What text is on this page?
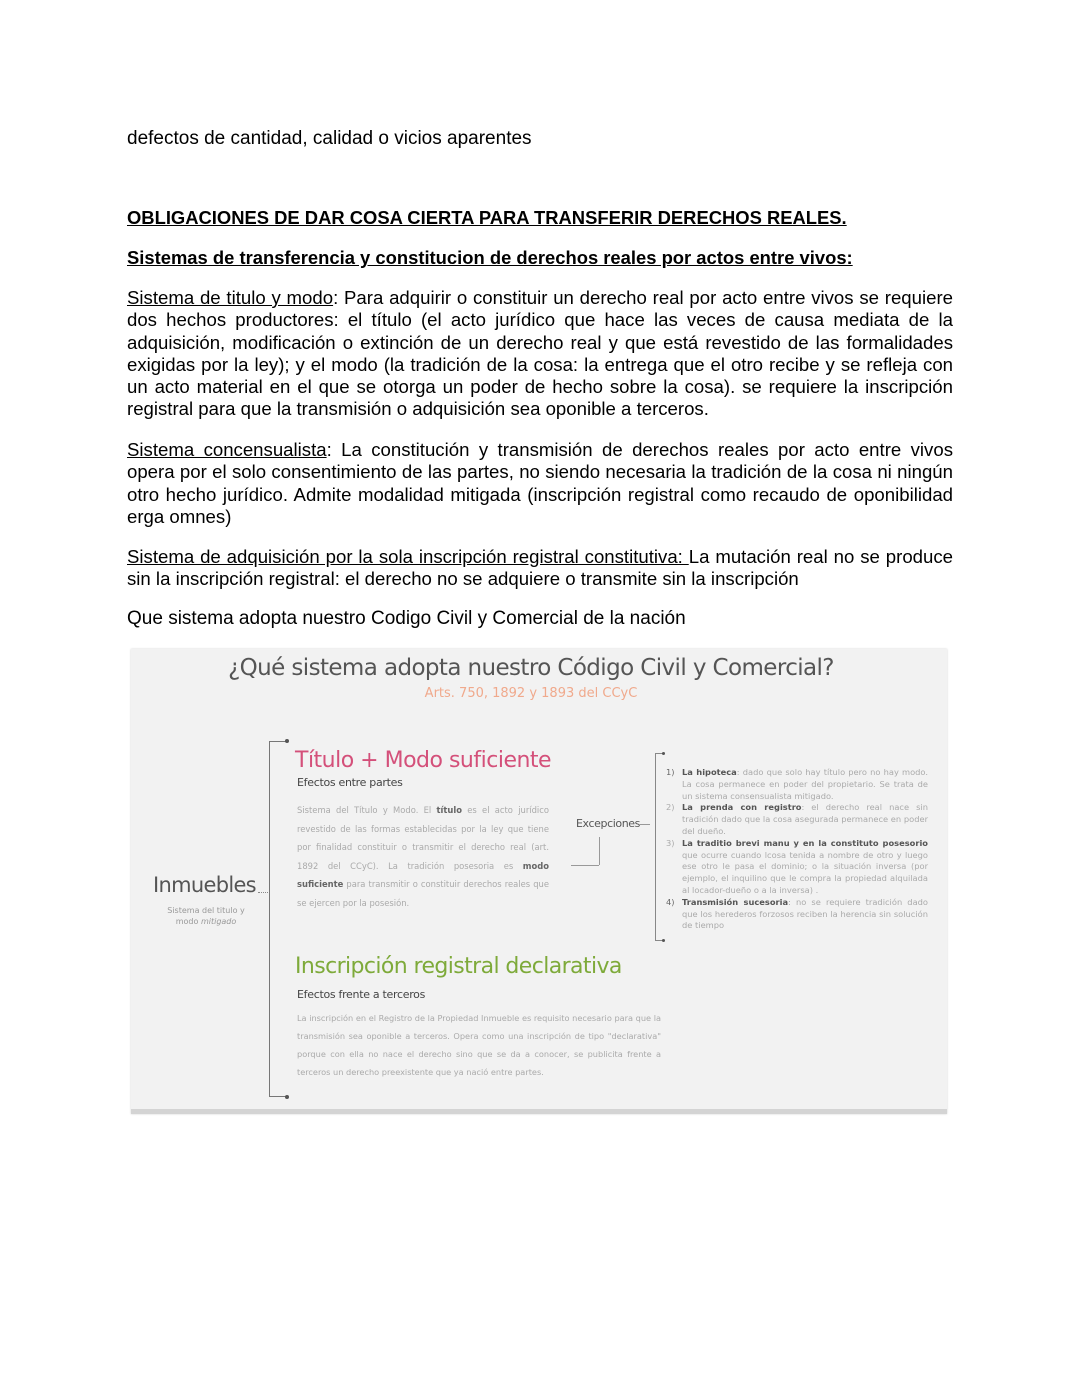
defectos de cantidad, calidad o vicios aparentes
OBLIGACIONES DE DAR COSA CIERTA PARA TRANSFERIR DERECHOS REALES.
Sistemas de transferencia y constitucion de derechos reales por actos entre vivos:
Sistema de titulo y modo: Para adquirir o constituir un derecho real por acto entre vivos se requiere dos hechos productores: el título (el acto jurídico que hace las veces de causa mediata de la adquisición, modificación o extinción de un derecho real y que está revestido de las formalidades exigidas por la ley); y el modo (la tradición de la cosa: la entrega que el otro recibe y se refleja con un acto material en el que se otorga un poder de hecho sobre la cosa). se requiere la inscripción registral para que la transmisión o adquisición sea oponible a terceros.
Sistema concensualista: La constitución y transmisión de derechos reales por acto entre vivos opera por el solo consentimiento de las partes, no siendo necesaria la tradición de la cosa ni ningún otro hecho jurídico. Admite modalidad mitigada (inscripción registral como recaudo de oponibilidad erga omnes)
Sistema de adquisición por la sola inscripción registral constitutiva: La mutación real no se produce sin la inscripción registral: el derecho no se adquiere o transmite sin la inscripción
Que sistema adopta nuestro Codigo Civil y Comercial de la nación
¿Qué sistema adopta nuestro Código Civil y Comercial?
Arts. 750, 1892 y 1893 del CCyC
Inmuebles
Sistema del titulo y
modo mitigado
Título + Modo suficiente
Efectos entre partes
Sistema del Título y Modo. El título es el acto jurídico revestido de las formas establecidas por la ley que tiene por finalidad constituir o transmitir el derecho real (art. 1892 del CCyC). La tradición posesoria es modo suficiente para transmitir o constituir derechos reales que se ejercen por la posesión.
Excepciones
1) La hipoteca: dado que solo hay título pero no hay modo. La cosa permanece en poder del propietario. Se trata de un sistema consensualista mitigado.
2) La prenda con registro: el derecho real nace sin tradición dado que la cosa asegurada permanece en poder del dueño.
3) La traditio brevi manu y en la constituto posesorio que ocurre cuando lcosa tenida a nombre de otro y luego ese otro le pasa el dominio; o la situación inversa (por ejemplo, el inquilino que le compra la propiedad alquilada al locador-dueño o a la inversa) .
4) Transmisión sucesoria: no se requiere tradición dado que los herederos forzosos reciben la herencia sin solución de tiempo
Inscripción registral declarativa
Efectos frente a terceros
La inscripción en el Registro de la Propiedad Inmueble es requisito necesario para que la transmisión sea oponible a terceros. Opera como una inscripción de tipo "declarativa" porque con ella no nace el derecho sino que se da a conocer, se publicita frente a terceros un derecho preexistente que ya nació entre partes.
